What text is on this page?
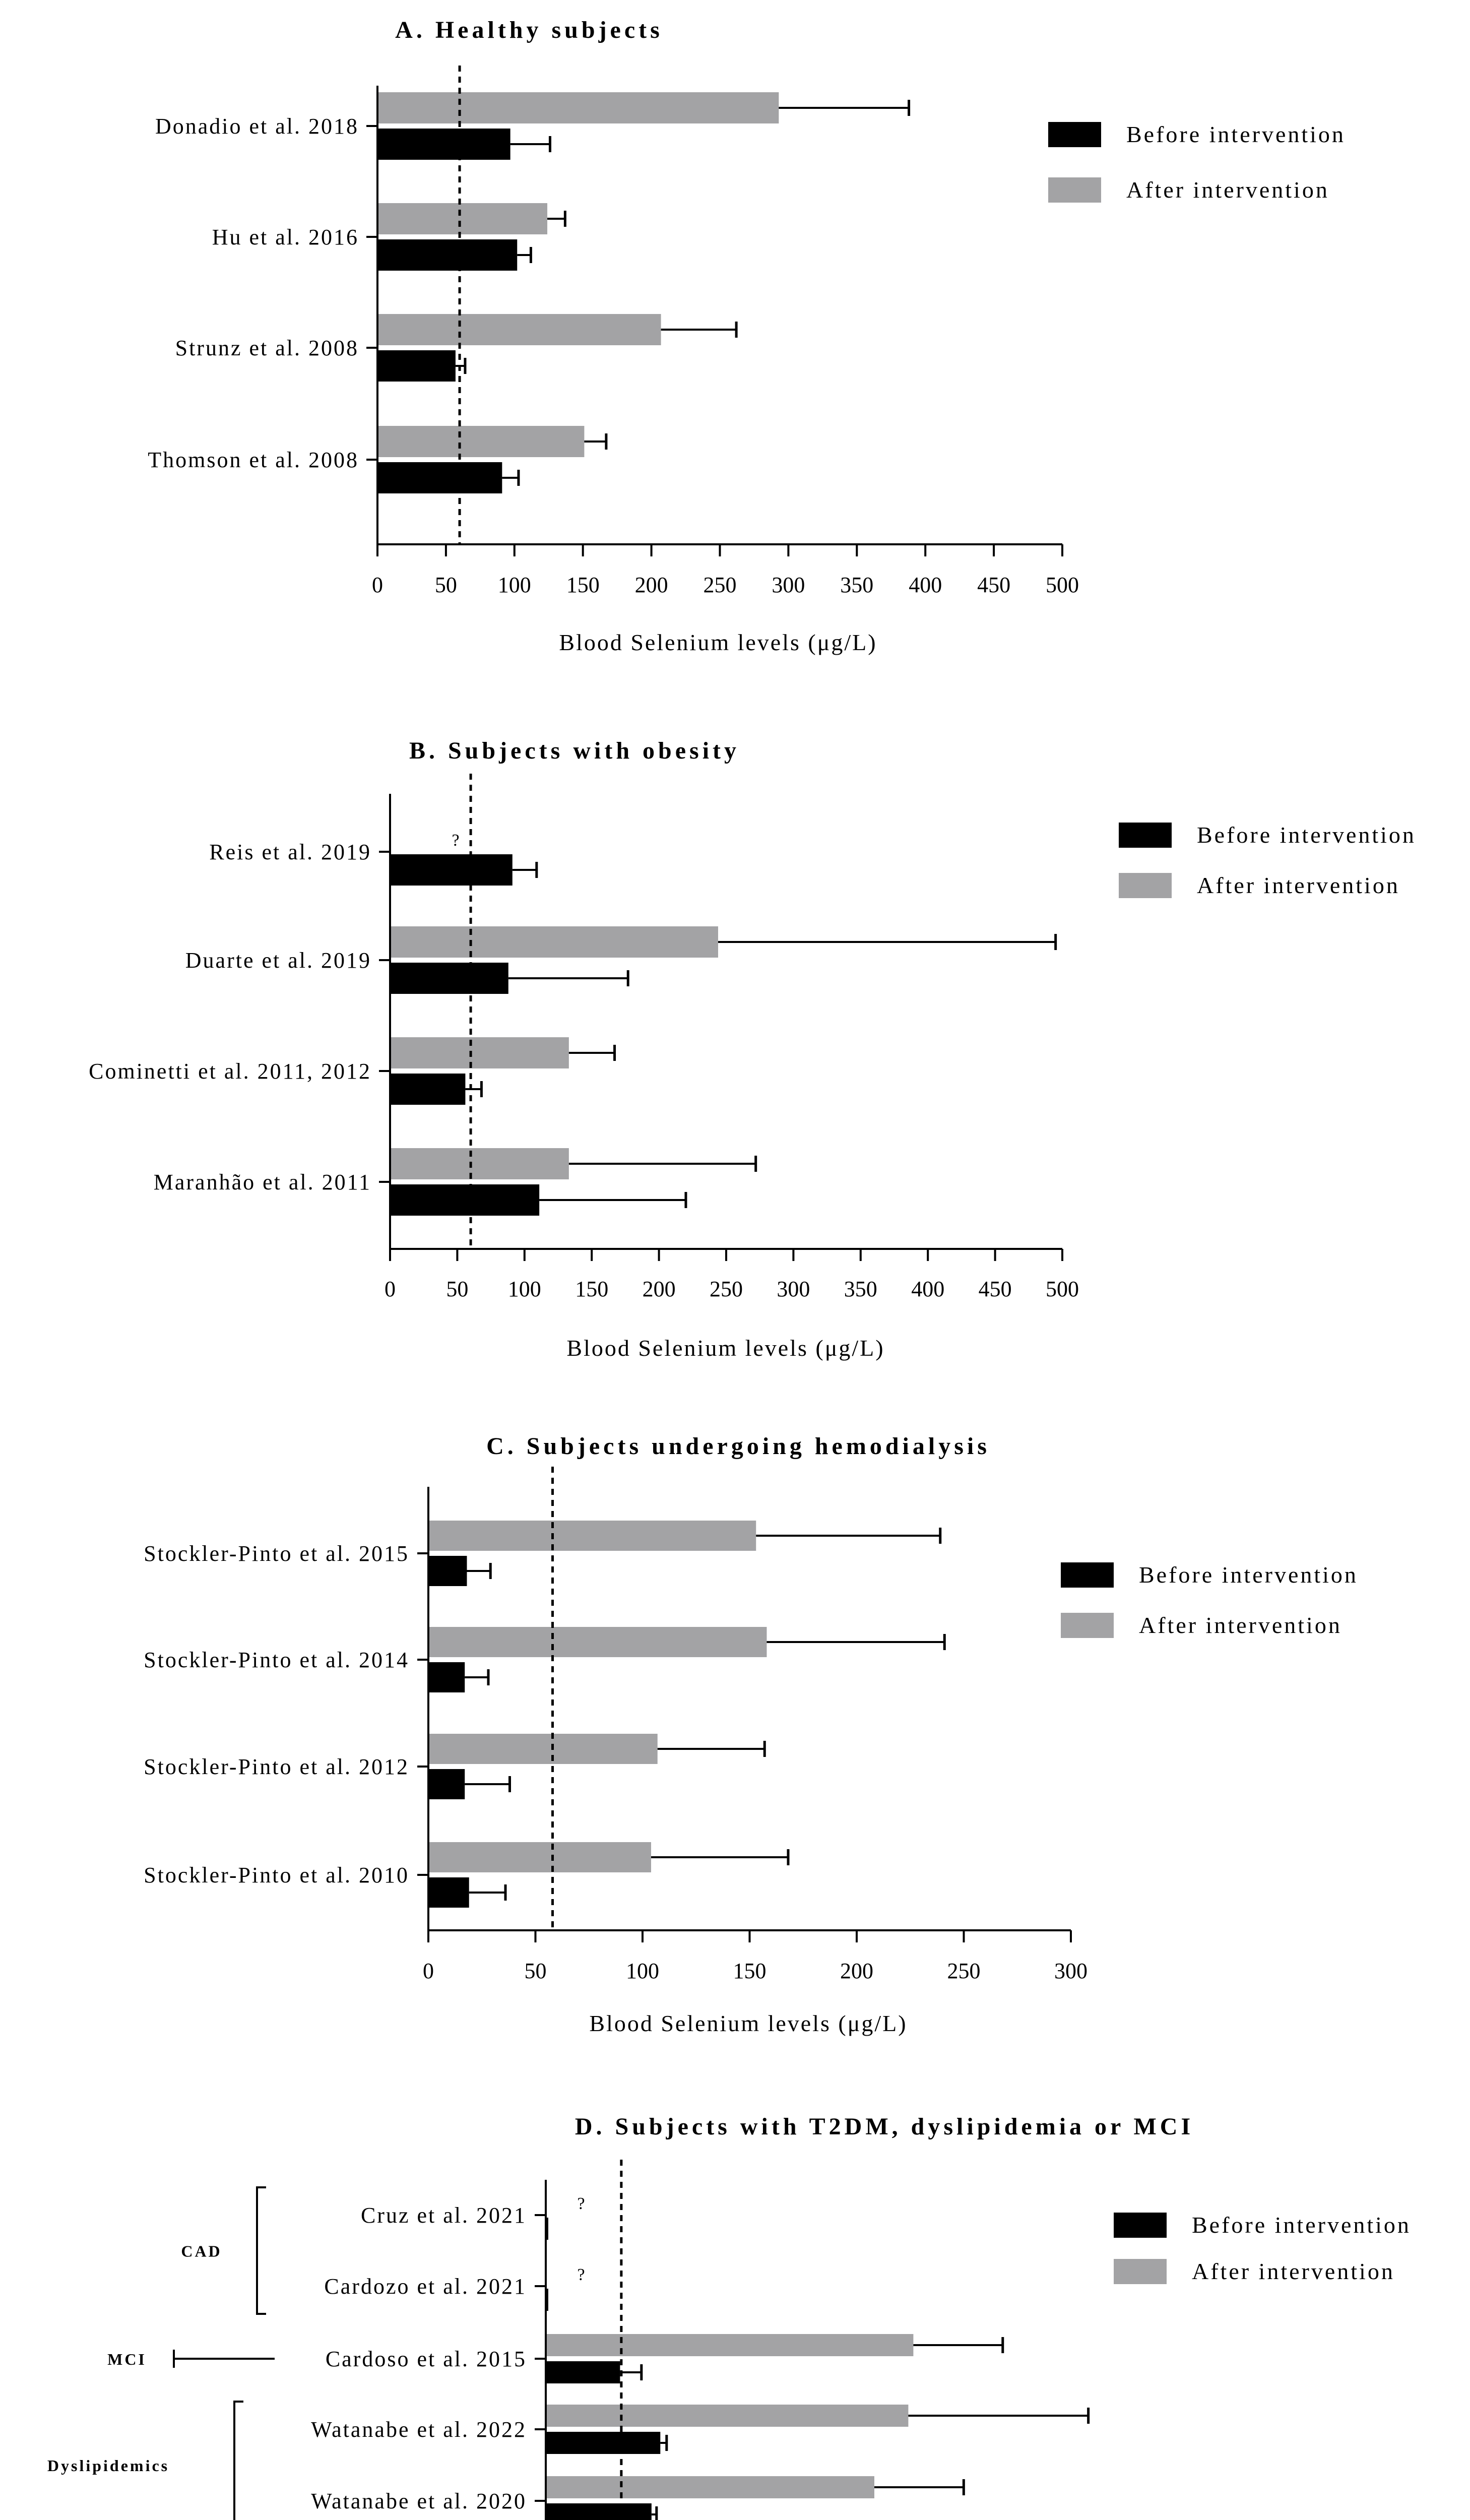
A. Healthy subjects
Donadio et al. 2018
Hu et al. 2016
Strunz et al. 2008
Thomson et al. 2008
0 50 100 150 200 250 300 350 400 450 500
Blood Selenium levels (μg/L)
Before intervention
After intervention
B. Subjects with obesity
Reis et al. 2019
Duarte et al. 2019
Cominetti et al. 2011, 2012
Maranhão et al. 2011
?
0 50 100 150 200 250 300 350 400 450 500
Blood Selenium levels (μg/L)
Before intervention
After intervention
C. Subjects undergoing hemodialysis
Stockler-Pinto et al. 2015
Stockler-Pinto et al. 2014
Stockler-Pinto et al. 2012
Stockler-Pinto et al. 2010
0	50	100	150	200	250	300
Blood Selenium levels (μg/L)
Before intervention
After intervention
D. Subjects with T2DM, dyslipidemia or MCI
Cruz et al. 2021
Cardozo et al. 2021
Cardoso et al. 2015
Watanabe et al. 2022
Watanabe et al. 2020
?
?
Before intervention
After intervention
CAD
MCI
Dyslipidemics
